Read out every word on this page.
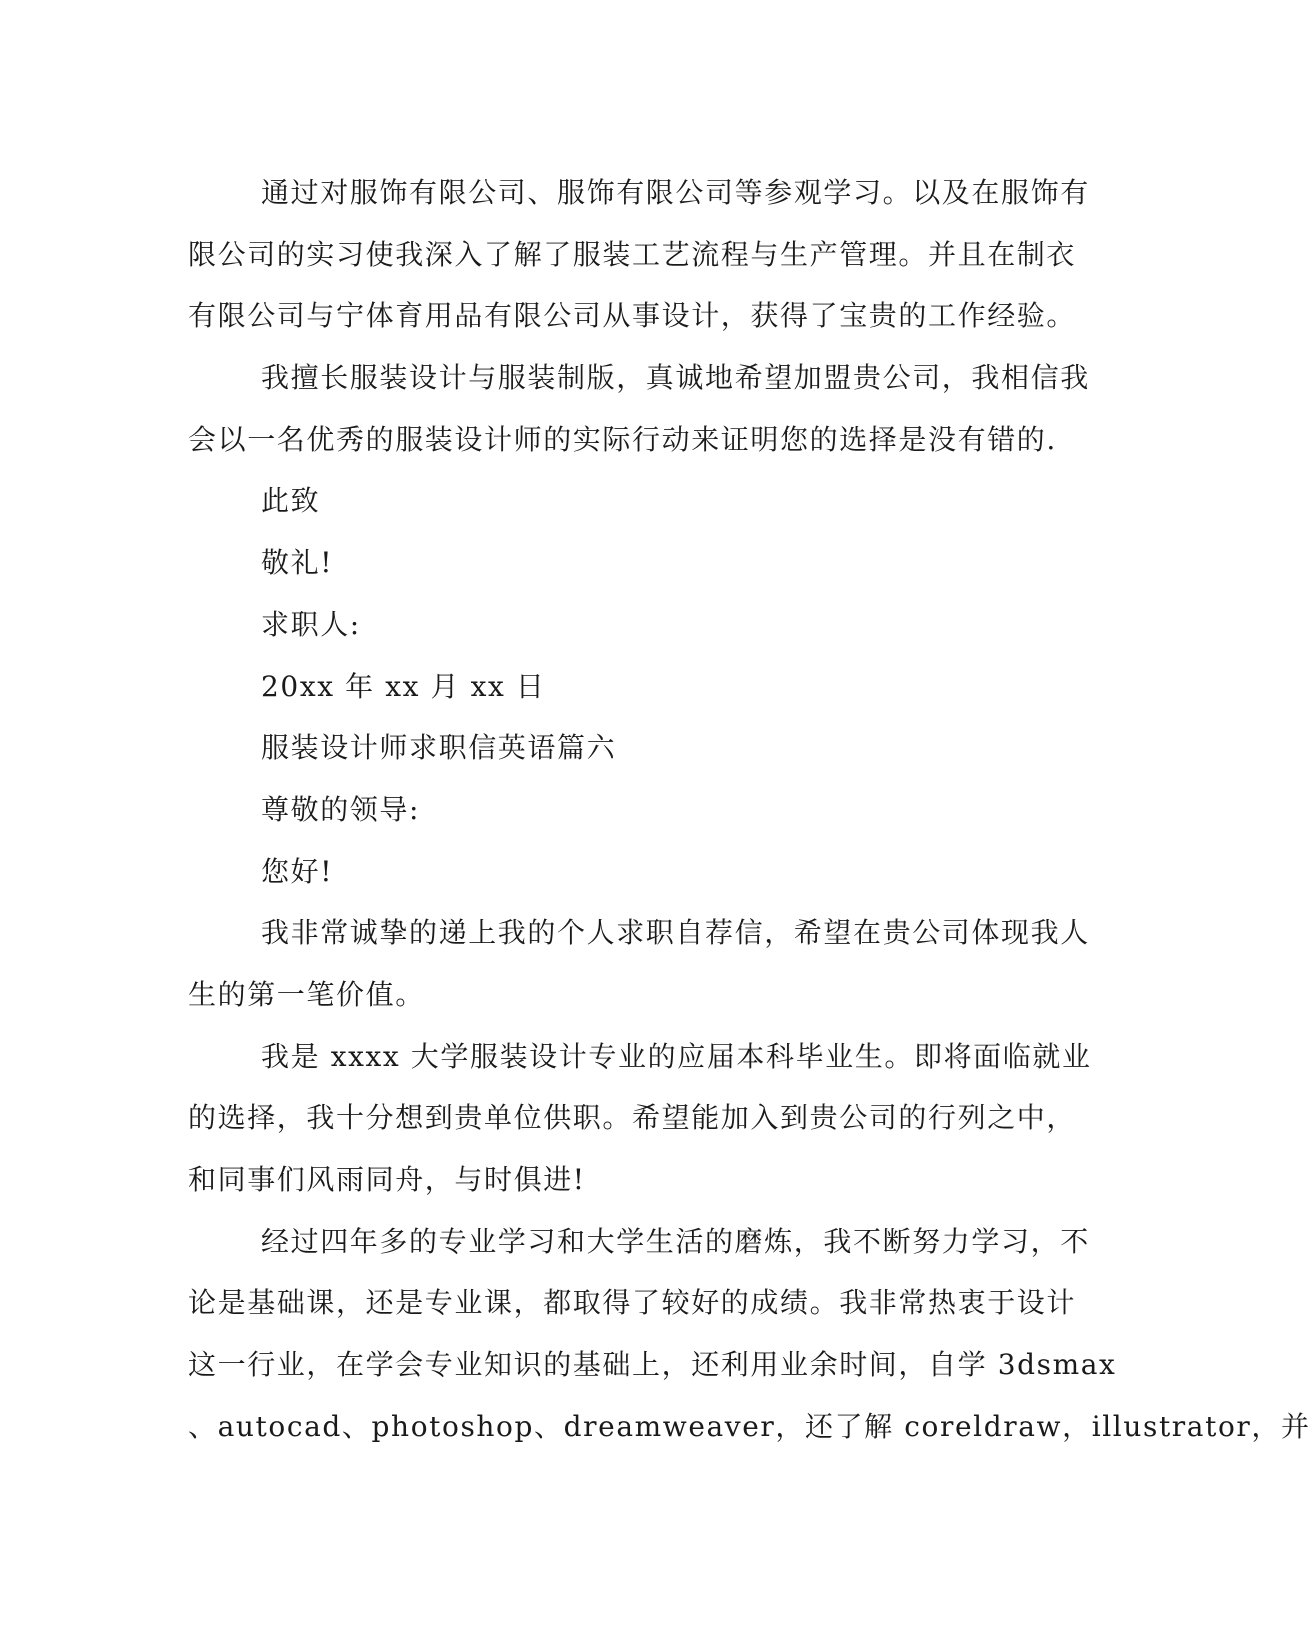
通过对服饰有限公司、服饰有限公司等参观学习。以及在服饰有
限公司的实习使我深入了解了服装工艺流程与生产管理。并且在制衣
有限公司与宁体育用品有限公司从事设计，获得了宝贵的工作经验。
我擅长服装设计与服装制版，真诚地希望加盟贵公司，我相信我
会以一名优秀的服装设计师的实际行动来证明您的选择是没有错的.
此致
敬礼!
求职人:
20xx 年 xx 月 xx 日
服装设计师求职信英语篇六
尊敬的领导:
您好!
我非常诚挚的递上我的个人求职自荐信，希望在贵公司体现我人
生的第一笔价值。
我是 xxxx 大学服装设计专业的应届本科毕业生。即将面临就业
的选择，我十分想到贵单位供职。希望能加入到贵公司的行列之中，
和同事们风雨同舟，与时俱进!
经过四年多的专业学习和大学生活的磨炼，我不断努力学习，不
论是基础课，还是专业课，都取得了较好的成绩。我非常热衷于设计
这一行业，在学会专业知识的基础上，还利用业余时间，自学 3dsmax
、autocad、photoshop、dreamweaver，还了解 coreldraw，illustrator，并
